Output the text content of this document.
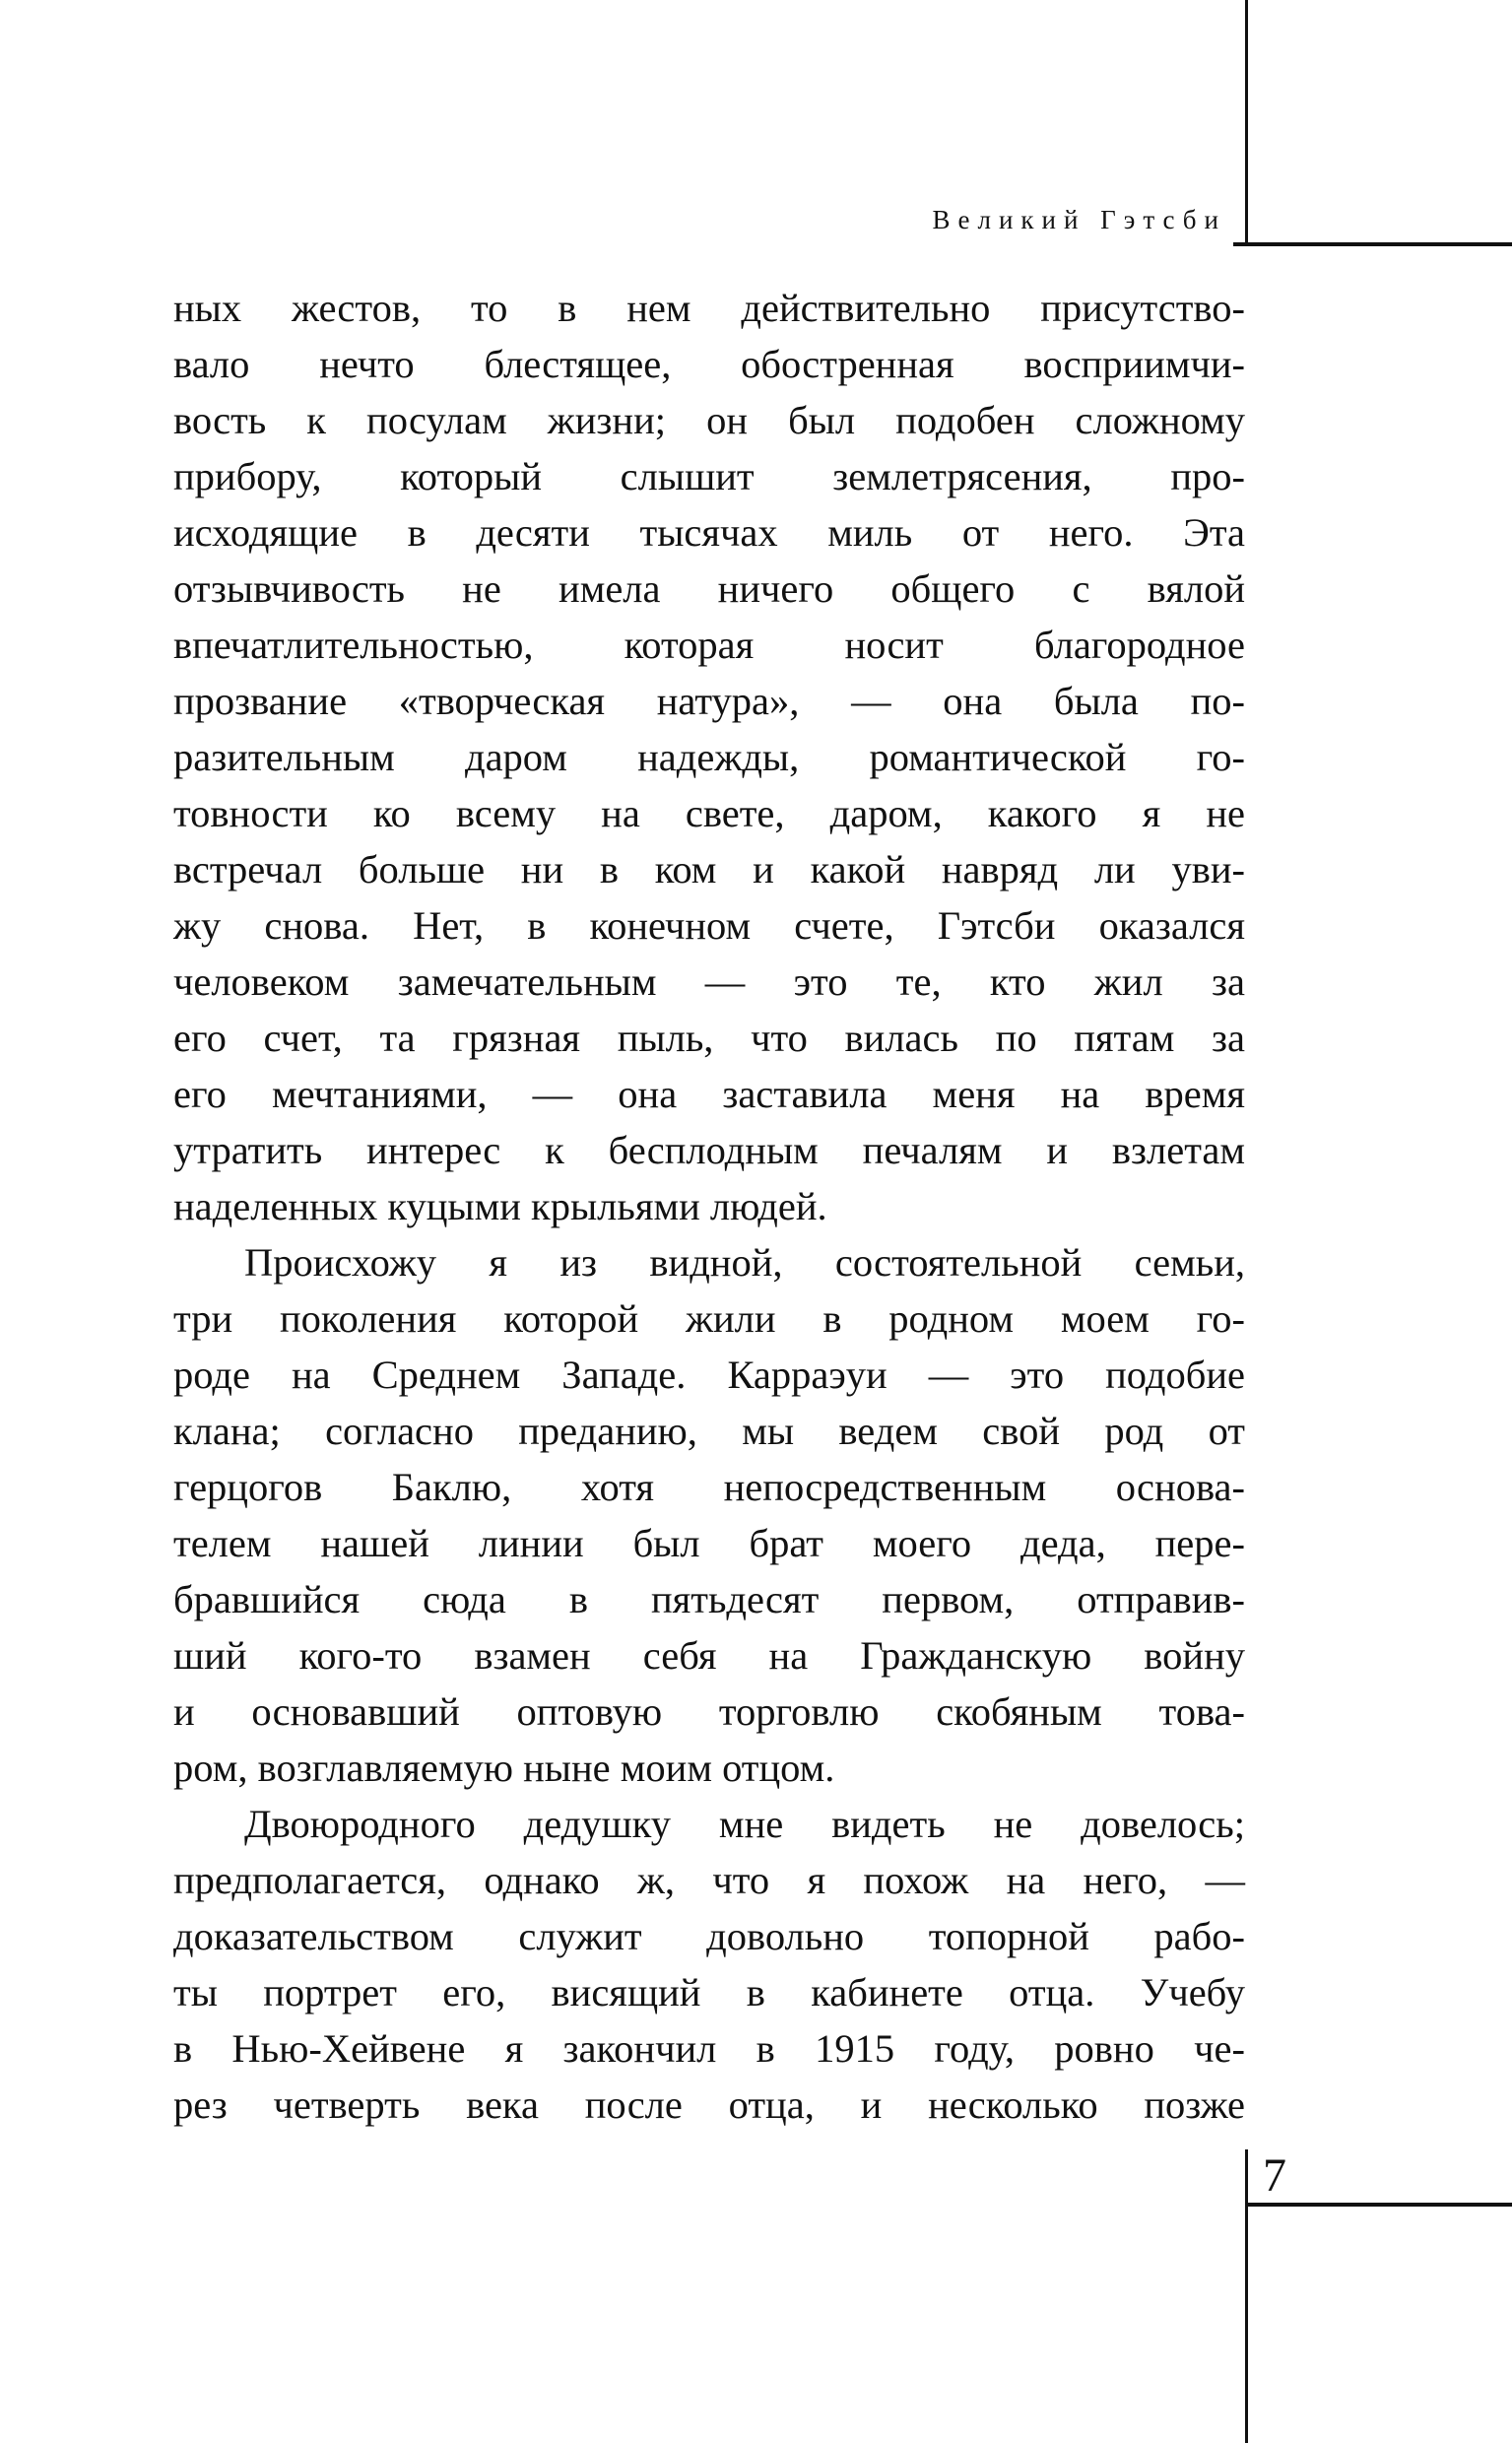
Великий Гэтсби
ных жестов, то в нем действительно присутство-
вало нечто блестящее, обостренная восприимчи-
вость к посулам жизни; он был подобен сложному
прибору, который слышит землетрясения, про-
исходящие в десяти тысячах миль от него. Эта
отзывчивость не имела ничего общего с вялой
впечатлительностью, которая носит благородное
прозвание «творческая натура», — она была по-
разительным даром надежды, романтической го-
товности ко всему на свете, даром, какого я не
встречал больше ни в ком и какой навряд ли уви-
жу снова. Нет, в конечном счете, Гэтсби оказался
человеком замечательным — это те, кто жил за
его счет, та грязная пыль, что вилась по пятам за
его мечтаниями, — она заставила меня на время
утратить интерес к бесплодным печалям и взлетам
наделенных куцыми крыльями людей.
Происхожу я из видной, состоятельной семьи,
три поколения которой жили в родном моем го-
роде на Среднем Западе. Карраэуи — это подобие
клана; согласно преданию, мы ведем свой род от
герцогов Баклю, хотя непосредственным основа-
телем нашей линии был брат моего деда, пере-
бравшийся сюда в пятьдесят первом, отправив-
ший кого-то взамен себя на Гражданскую войну
и основавший оптовую торговлю скобяным това-
ром, возглавляемую ныне моим отцом.
Двоюродного дедушку мне видеть не довелось;
предполагается, однако ж, что я похож на него, —
доказательством служит довольно топорной рабо-
ты портрет его, висящий в кабинете отца. Учебу
в Нью-Хейвене я закончил в 1915 году, ровно че-
рез четверть века после отца, и несколько позже
7
